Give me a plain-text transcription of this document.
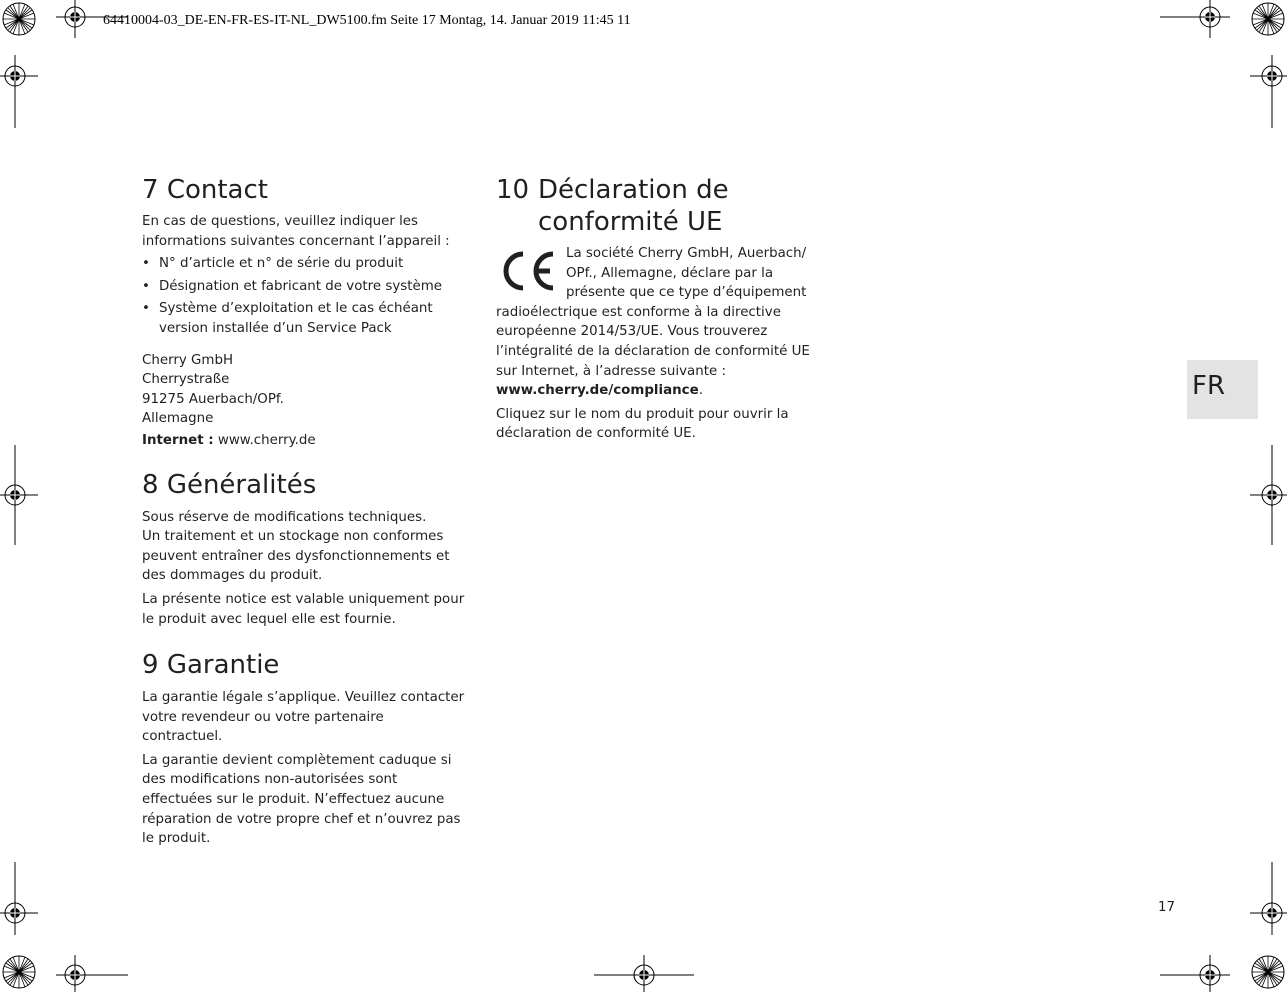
64410004-03_DE-EN-FR-ES-IT-NL_DW5100.fm Seite 17 Montag, 14. Januar 2019 11:45 11
7 Contact

En cas de questions, veuillez indiquer les informations suivantes concernant l’appareil :

• N° d’article et n° de série du produit
• Désignation et fabricant de votre système
• Système d’exploitation et le cas échéant version installée d’un Service Pack
Cherry GmbH
Cherrystraße
91275 Auerbach/OPf.
Allemagne
Internet : www.cherry.de
8 Généralités

Sous réserve de modifications techniques.
Un traitement et un stockage non conformes peuvent entraîner des dysfonctionnements et des dommages du produit.

La présente notice est valable uniquement pour le produit avec lequel elle est fournie.

9 Garantie

La garantie légale s’applique. Veuillez contacter votre revendeur ou votre partenaire contractuel.

La garantie devient complètement caduque si des modifications non-autorisées sont effectuées sur le produit. N’effectuez aucune réparation de votre propre chef et n’ouvrez pas le produit.

10 Déclaration de
conformité UE

La société Cherry GmbH, Auerbach/ OPf., Allemagne, déclare par la présente que ce type d’équipement radioélectrique est conforme à la directive européenne 2014/53/UE. Vous trouverez l’intégralité de la déclaration de conformité UE sur Internet, à l’adresse suivante :
www.cherry.de/compliance.

Cliquez sur le nom du produit pour ouvrir la déclaration de conformité UE.

FR
17
